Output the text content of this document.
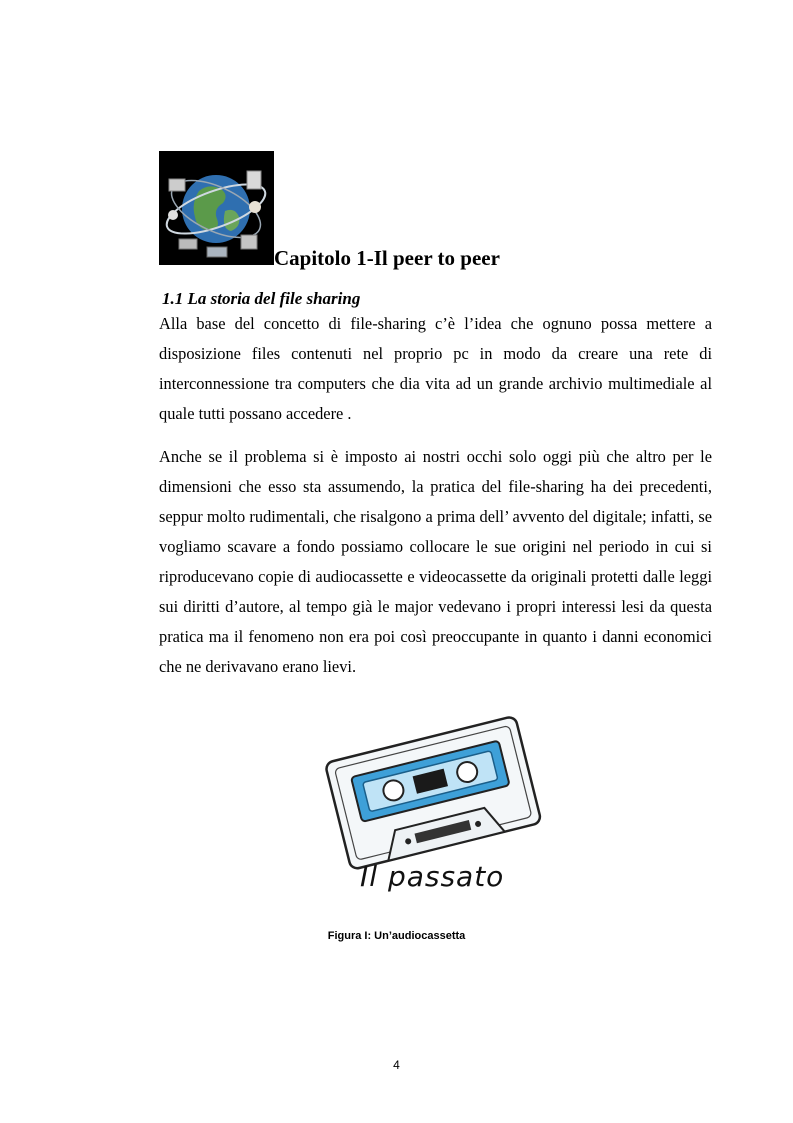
Capitolo 1-Il peer to peer
1.1 La storia del file sharing

Alla base del concetto di file-sharing c’è l’idea che ognuno possa mettere a disposizione files contenuti nel proprio pc in modo da creare una rete di interconnessione tra computers che dia vita ad un grande archivio multimediale al quale tutti possano accedere .

Anche se il problema si è imposto ai nostri occhi solo oggi più che altro per le dimensioni che esso sta assumendo, la pratica del file-sharing ha dei precedenti, seppur molto rudimentali, che risalgono a prima dell’ avvento del digitale; infatti, se vogliamo scavare a fondo possiamo collocare le sue origini nel periodo in cui si riproducevano copie di audiocassette e videocassette da originali protetti dalle leggi sui diritti d’autore, al tempo già le major vedevano i propri interessi lesi da questa pratica ma il fenomeno non era poi così preoccupante in quanto i danni economici che ne derivavano erano lievi.

Il passato

Figura I: Un’audiocassetta

4
